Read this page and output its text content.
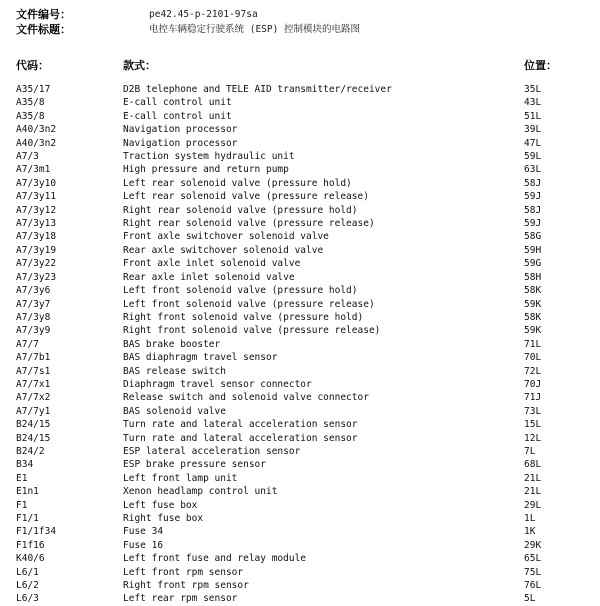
文件编号：	pe42.45-p-2101-97sa
文件标题：	电控车辆稳定行驶系统 (ESP) 控制模块的电路图
代码：	款式：	位置：
A35/17	D2B telephone and TELE AID transmitter/receiver	35L
A35/8	E-call control unit	43L
A35/8	E-call control unit	51L
A40/3n2	Navigation processor	39L
A40/3n2	Navigation processor	47L
A7/3	Traction system hydraulic unit	59L
A7/3m1	High pressure and return pump	63L
A7/3y10	Left rear solenoid valve (pressure hold)	58J
A7/3y11	Left rear solenoid valve (pressure release)	59J
A7/3y12	Right rear solenoid valve (pressure hold)	58J
A7/3y13	Right rear solenoid valve (pressure release)	59J
A7/3y18	Front axle switchover solenoid valve	58G
A7/3y19	Rear axle switchover solenoid valve	59H
A7/3y22	Front axle inlet solenoid valve	59G
A7/3y23	Rear axle inlet solenoid valve	58H
A7/3y6	Left front solenoid valve (pressure hold)	58K
A7/3y7	Left front solenoid valve (pressure release)	59K
A7/3y8	Right front solenoid valve (pressure hold)	58K
A7/3y9	Right front solenoid valve (pressure release)	59K
A7/7	BAS brake booster	71L
A7/7b1	BAS diaphragm travel sensor	70L
A7/7s1	BAS release switch	72L
A7/7x1	Diaphragm travel sensor connector	70J
A7/7x2	Release switch and solenoid valve connector	71J
A7/7y1	BAS solenoid valve	73L
B24/15	Turn rate and lateral acceleration sensor	15L
B24/15	Turn rate and lateral acceleration sensor	12L
B24/2	ESP lateral acceleration sensor	7L
B34	ESP brake pressure sensor	68L
E1	Left front lamp unit	21L
E1n1	Xenon headlamp control unit	21L
F1	Left fuse box	29L
F1/1	Right fuse box	1L
F1/1f34	Fuse 34	1K
F1f16	Fuse 16	29K
K40/6	Left front fuse and relay module	65L
L6/1	Left front rpm sensor	75L
L6/2	Right front rpm sensor	76L
L6/3	Left rear rpm sensor	5L
